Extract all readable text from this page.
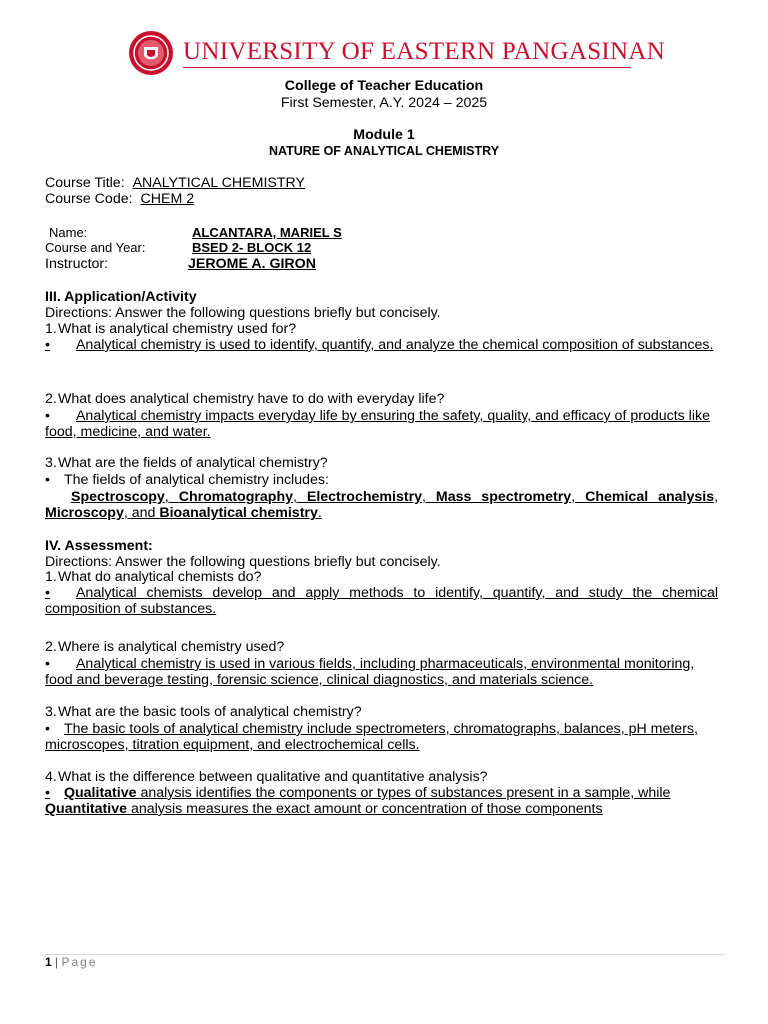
UNIVERSITY OF EASTERN PANGASINAN
College of Teacher Education
First Semester, A.Y. 2024 – 2025
Module 1
NATURE OF ANALYTICAL CHEMISTRY
Course Title: ANALYTICAL CHEMISTRY
Course Code: CHEM 2
Name:	ALCANTARA, MARIEL S
Course and Year:	BSED 2- BLOCK 12
Instructor:	JEROME A. GIRON
III. Application/Activity
Directions: Answer the following questions briefly but concisely.
1.What is analytical chemistry used for?
• Analytical chemistry is used to identify, quantify, and analyze the chemical composition of substances.
2.What does analytical chemistry have to do with everyday life?
• Analytical chemistry impacts everyday life by ensuring the safety, quality, and efficacy of products like food, medicine, and water.
3.What are the fields of analytical chemistry?
• The fields of analytical chemistry includes:
Spectroscopy, Chromatography, Electrochemistry, Mass spectrometry, Chemical analysis, Microscopy, and Bioanalytical chemistry.
IV. Assessment:
Directions: Answer the following questions briefly but concisely.
1.What do analytical chemists do?
• Analytical chemists develop and apply methods to identify, quantify, and study the chemical composition of substances.
2.Where is analytical chemistry used?
• Analytical chemistry is used in various fields, including pharmaceuticals, environmental monitoring, food and beverage testing, forensic science, clinical diagnostics, and materials science.
3.What are the basic tools of analytical chemistry?
• The basic tools of analytical chemistry include spectrometers, chromatographs, balances, pH meters, microscopes, titration equipment, and electrochemical cells.
4.What is the difference between qualitative and quantitative analysis?
• Qualitative analysis identifies the components or types of substances present in a sample, while Quantitative analysis measures the exact amount or concentration of those components
1 | Page
